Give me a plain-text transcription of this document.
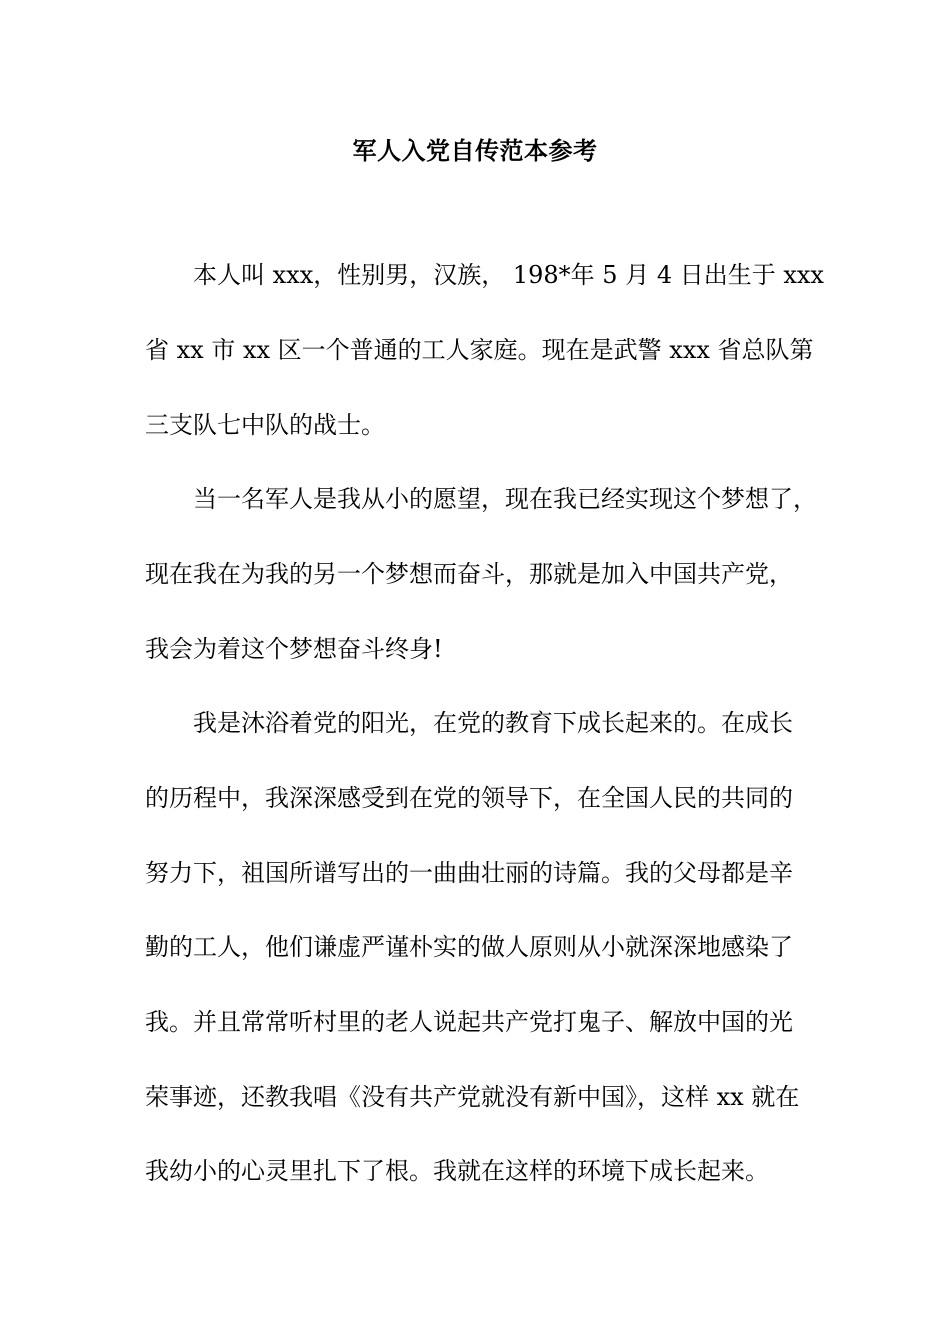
军人入党自传范本参考
本人叫 xxx，性别男，汉族， 198*年 5 月 4 日出生于 xxx
省 xx 市 xx 区一个普通的工人家庭。现在是武警 xxx 省总队第
三支队七中队的战士。
当一名军人是我从小的愿望，现在我已经实现这个梦想了，
现在我在为我的另一个梦想而奋斗，那就是加入中国共产党，
我会为着这个梦想奋斗终身!
我是沐浴着党的阳光，在党的教育下成长起来的。在成长
的历程中，我深深感受到在党的领导下，在全国人民的共同的
努力下，祖国所谱写出的一曲曲壮丽的诗篇。我的父母都是辛
勤的工人，他们谦虚严谨朴实的做人原则从小就深深地感染了
我。并且常常听村里的老人说起共产党打鬼子、解放中国的光
荣事迹，还教我唱《没有共产党就没有新中国》，这样 xx 就在
我幼小的心灵里扎下了根。我就在这样的环境下成长起来。
